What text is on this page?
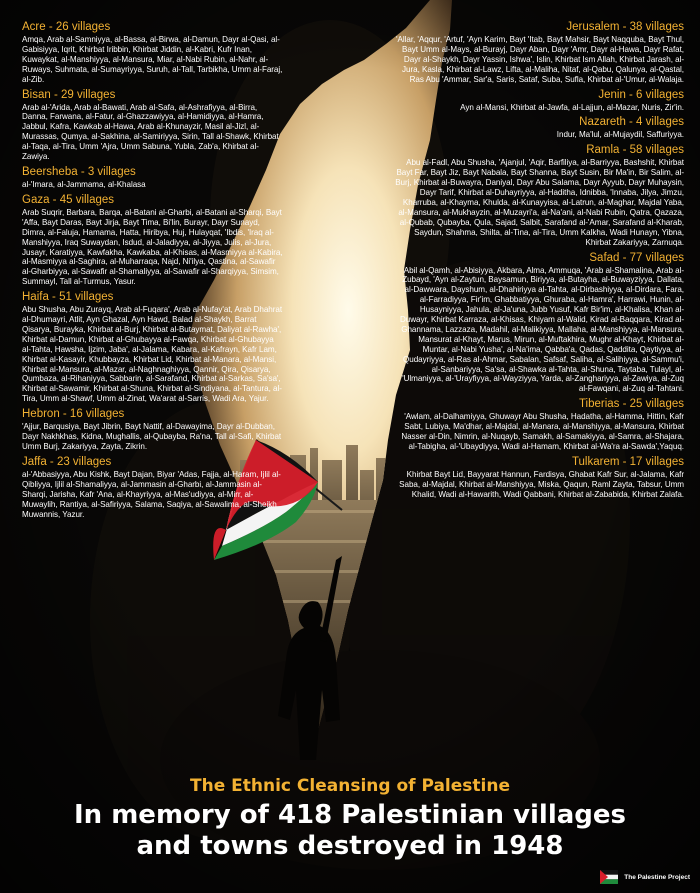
Acre - 26 villages

Amqa, Arab al-Samniyya, al-Bassa, al-Birwa, al-Damun, Dayr al-Qasi, al-Gabisiyya, Iqrit, Khirbat Iribbin, Khirbat Jiddin, al-Kabri, Kufr Inan, Kuwaykat, al-Manshiyya, al-Mansura, Miar, al-Nabi Rubin, al-Nahr, al-Ruways, Suhmata, al-Sumayriyya, Suruh, al-Tall, Tarbikha, Umm al-Faraj, al-Zib.

Bisan - 29 villages

Arab al-'Arida, Arab al-Bawati, Arab al-Safa, al-Ashrafiyya, al-Birra, Danna, Farwana, al-Fatur, al-Ghazzawiyya, al-Hamidiyya, al-Hamra, Jabbul, Kafra, Kawkab al-Hawa, Arab al-Khunayzir, Masil al-Jizl, al-Murassas, Qumya, al-Sakhina, al-Samiriyya, Sirin, Tall al-Shawk, Khirbat al-Taqa, al-Tira, Umm 'Ajra, Umm Sabuna, Yubla, Zab'a, Khirbat al-Zawiya.

Beersheba - 3 villages

al-'Imara, al-Jammama, al-Khalasa

Gaza - 45 villages

Arab Suqrir, Barbara, Barqa, al-Batani al-Gharbi, al-Batani al-Sharqi, Bayt 'Affa, Bayt Daras, Bayt Jirja, Bayt Tima, Bi'lin, Burayr, Dayr Sunayd, Dimra, al-Faluja, Hamama, Hatta, Hiribya, Huj, Hulayqat, 'Ibdis, 'Iraq al-Manshiyya, Iraq Suwaydan, Isdud, al-Jaladiyya, al-Jiyya, Julis, al-Jura, Jusayr, Karatiyya, Kawfakha, Kawkaba, al-Khisas, al-Masmiyya al-Kabira, al-Masmiyya al-Saghira, al-Muharraqa, Najd, Ni'ilya, Qastina, al-Sawafir al-Gharbiyya, al-Sawafir al-Shamaliyya, al-Sawafir al-Sharqiyya, Simsim, Summayl, Tall al-Turmus, Yasur.

Haifa - 51 villages

Abu Shusha, Abu Zurayq, Arab al-Fuqara', Arab al-Nufay'at, Arab Dhahrat al-Dhumayri, Atlit, Ayn Ghazal, Ayn Hawd, Balad al-Shaykh, Barrat Qisarya, Burayka, Khirbat al-Burj, Khirbat al-Butaymat, Daliyat al-Rawha', Khirbat al-Damun, Khirbat al-Ghubayya al-Fawqa, Khirbat al-Ghubayya al-Tahta, Hawsha, Ijzim, Jaba', al-Jalama, Kabara, al-Kafrayn, Kafr Lam, Khirbat al-Kasayir, Khubbayza, Khirbat Lid, Khirbat al-Manara, al-Mansi, Khirbat al-Mansura, al-Mazar, al-Naghnaghiyya, Qannir, Qira, Qisarya, Qumbaza, al-Rihaniyya, Sabbarin, al-Sarafand, Khirbat al-Sarkas, Sa'sa', Khirbat al-Sawamir, Khirbat al-Shuna, Khirbat al-Sindiyana, al-Tantura, al-Tira, Umm al-Shawf, Umm al-Zinat, Wa'arat al-Sarris, Wadi Ara, Yajur.

Hebron - 16 villages

'Ajjur, Barqusiya, Bayt Jibrin, Bayt Nattif, al-Dawayima, Dayr al-Dubban, Dayr Nakhkhas, Kidna, Mughallis, al-Qubayba, Ra'na, Tall al-Safi, Khirbat Umm Burj, Zakariyya, Zayta, Zikrin.

Jaffa - 23 villages

al-'Abbasiyya, Abu Kishk, Bayt Dajan, Biyar 'Adas, Fajja, al-Haram, Ijlil al-Qibliyya, Ijlil al-Shamaliyya, al-Jammasin al-Gharbi, al-Jammasin al-Sharqi, Jarisha, Kafr 'Ana, al-Khayriyya, al-Mas'udiyya, al-Mirr, al-Muwaylih, Rantiya, al-Safiriyya, Salama, Saqiya, al-Sawalima, al-Sheikh Muwannis, Yazur.

Jerusalem - 38 villages

'Allar, 'Aqqur, 'Artuf, 'Ayn Karim, Bayt 'Itab, Bayt Mahsir, Bayt Naqquba, Bayt Thul, Bayt Umm al-Mays, al-Burayj, Dayr Aban, Dayr 'Amr, Dayr al-Hawa, Dayr Rafat, Dayr al-Shaykh, Dayr Yassin, Ishwa', Islin, Khirbat Ism Allah, Khirbat Jarash, al-Jura, Kasla, Khirbat al-Lawz, Lifta, al-Maliha, Nitaf, al-Qabu, Qalunya, al-Qastal, Ras Abu 'Ammar, Sar'a, Saris, Sataf, Suba, Sufla, Khirbat al-'Umur, al-Walaja.

Jenin - 6 villages

Ayn al-Mansi, Khirbat al-Jawfa, al-Lajjun, al-Mazar, Nuris, Zir'in.

Nazareth - 4 villages

Indur, Ma'lul, al-Mujaydil, Saffuriyya.

Ramla - 58 villages

Abu al-Fadl, Abu Shusha, 'Ajanjul, 'Aqir, Barfiliya, al-Barriyya, Bashshit, Khirbat Bayt Far, Bayt Jiz, Bayt Nabala, Bayt Shanna, Bayt Susin, Bir Ma'in, Bir Salim, al-Burj, Khirbat al-Buwayra, Daniyal, Dayr Abu Salama, Dayr Ayyub, Dayr Muhaysin, Dayr Tarif, Khirbat al-Duhayriyya, al-Haditha, Idnibba, 'Innaba, Jilya, Jimzu, Kharruba, al-Khayma, Khulda, al-Kunayyisa, al-Latrun, al-Maghar, Majdal Yaba, al-Mansura, al-Mukhayzin, al-Muzayri'a, al-Na'ani, al-Nabi Rubin, Qatra, Qazaza, al-Qubab, Qubayba, Qula, Sajad, Salbit, Sarafand al-'Amar, Sarafand al-Kharab, Saydun, Shahma, Shilta, al-Tina, al-Tira, Umm Kalkha, Wadi Hunayn, Yibna, Khirbat Zakariyya, Zarnuqa.

Safad - 77 villages

Abil al-Qamh, al-Abisiyya, Akbara, Alma, Ammuqa, 'Arab al-Shamalina, Arab al-Zubayd, 'Ayn al-Zaytun, Baysamun, Biriyya, al-Butayha, al-Buwayziyya, Dallata, al-Dawwara, Dayshum, al-Dhahiriyya al-Tahta, al-Dirbashiyya, al-Dirdara, Fara, al-Farradiyya, Fir'im, Ghabbatiyya, Ghuraba, al-Hamra', Harrawi, Hunin, al-Husayniyya, Jahula, al-Ja'una, Jubb Yusuf, Kafr Bir'im, al-Khalisa, Khan al-Duwayr, Khirbat Karraza, al-Khisas, Khiyam al-Walid, Kirad al-Baqqara, Kirad al-Ghannama, Lazzaza, Madahil, al-Malikiyya, Mallaha, al-Manshiyya, al-Mansura, Mansurat al-Khayt, Marus, Mirun, al-Muftakhira, Mughr al-Khayt, Khirbat al-Muntar, al-Nabi Yusha', al-Na'ima, Qabba'a, Qadas, Qaddita, Qaytiyya, al-Qudayriyya, al-Ras al-Ahmar, Sabalan, Safsaf, Saliha, al-Salihiyya, al-Sammu'i, al-Sanbariyya, Sa'sa, al-Shawka al-Tahta, al-Shuna, Taytaba, Tulayl, al-'Ulmaniyya, al-'Urayfiyya, al-Wayziyya, Yarda, al-Zanghariyya, al-Zawiya, al-Zuq al-Fawqani, al-Zuq al-Tahtani.

Tiberias - 25 villages

'Awlam, al-Dalhamiyya, Ghuwayr Abu Shusha, Hadatha, al-Hamma, Hittin, Kafr Sabt, Lubiya, Ma'dhar, al-Majdal, al-Manara, al-Manshiyya, al-Mansura, Khirbat Nasser al-Din, Nimrin, al-Nuqayb, Samakh, al-Samakiyya, al-Samra, al-Shajara, al-Tabigha, al-'Ubaydiyya, Wadi al-Hamam, Khirbat al-Wa'ra al-Sawda',Yaquq.

Tulkarem - 17 villages

Khirbat Bayt Lid, Bayyarat Hannun, Fardisya, Ghabat Kafr Sur, al-Jalama, Kafr Saba, al-Majdal, Khirbat al-Manshiyya, Miska, Qaqun, Raml Zayta, Tabsur, Umm Khalid, Wadi al-Hawarith, Wadi Qabbani, Khirbat al-Zababida, Khirbat Zalafa.

The Ethnic Cleansing of Palestine
In memory of 418 Palestinian villages
and towns destroyed in 1948
The Palestine Project
